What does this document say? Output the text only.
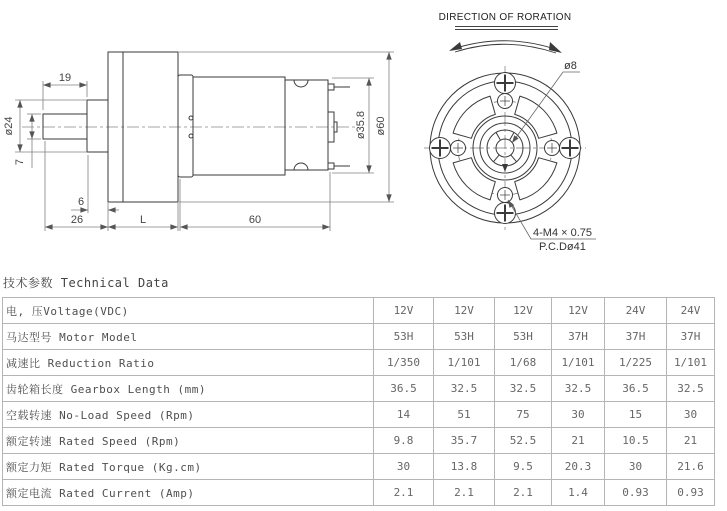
19
ø24
7
6
26	L	60
ø35.8 ø60
DIRECTION OF RORATION
ø8
4-M4 × 0.75
P.C.Dø41
技术参数 Technical Data
电, 压Voltage(VDC)	12V	12V	12V	12V	24V	24V
马达型号 Motor Model	53H	53H	53H	37H	37H	37H
减速比 Reduction Ratio	1/350	1/101	1/68	1/101	1/225	1/101
齿轮箱长度 Gearbox Length (mm)	36.5	32.5	32.5	32.5	36.5	32.5
空载转速 No-Load Speed (Rpm)	14	51	75	30	15	30
额定转速 Rated Speed (Rpm)	9.8	35.7	52.5	21	10.5	21
额定力矩 Rated Torque (Kg.cm)	30	13.8	9.5	20.3	30	21.6
额定电流 Rated Current (Amp)	2.1	2.1	2.1	1.4	0.93	0.93
